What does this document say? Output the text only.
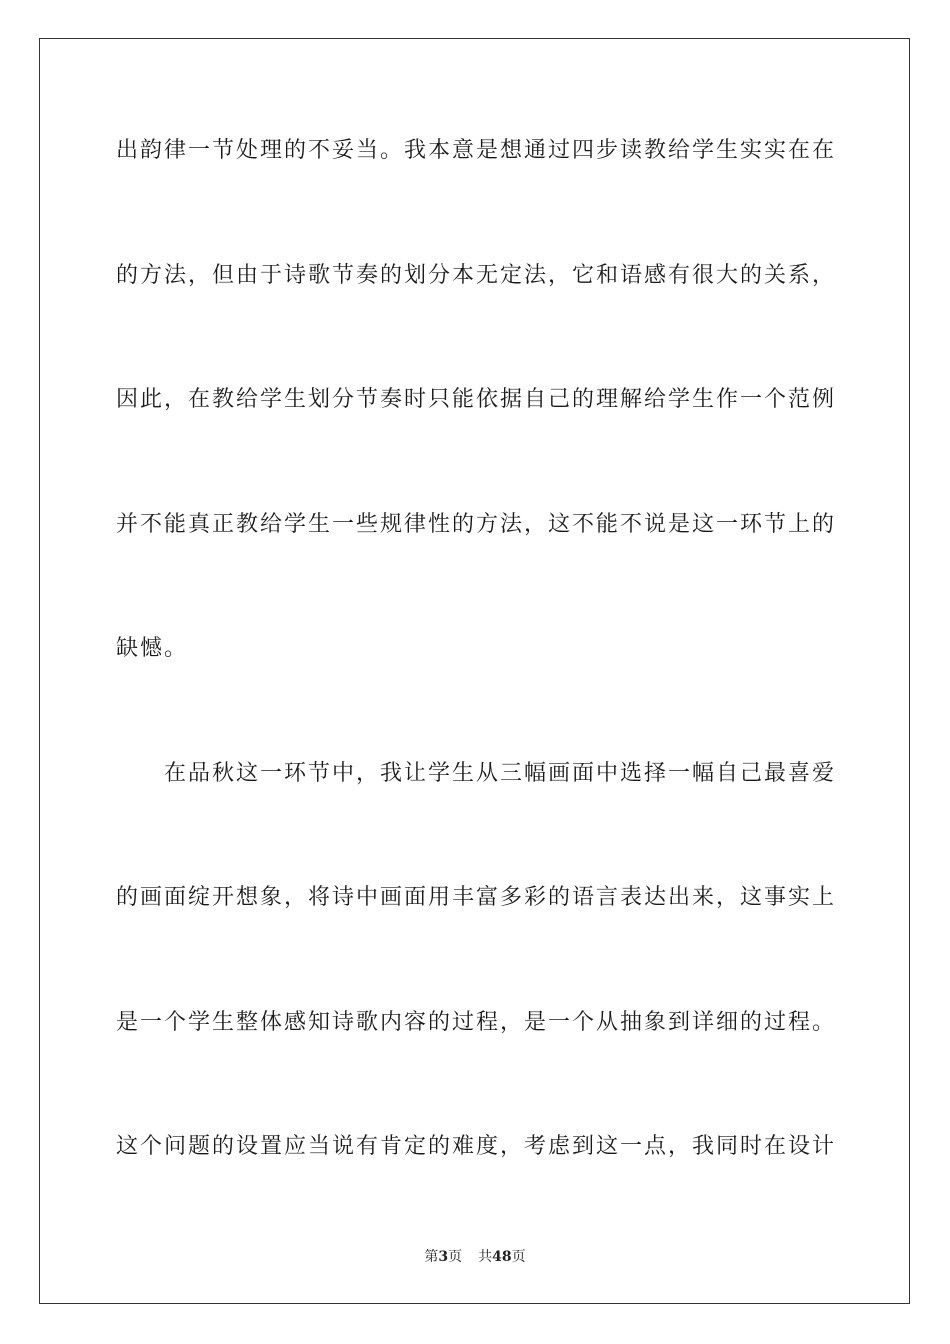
出韵律一节处理的不妥当。我本意是想通过四步读教给学生实实在在
的方法，但由于诗歌节奏的划分本无定法，它和语感有很大的关系，
因此，在教给学生划分节奏时只能依据自己的理解给学生作一个范例
并不能真正教给学生一些规律性的方法，这不能不说是这一环节上的
缺憾。
在品秋这一环节中，我让学生从三幅画面中选择一幅自己最喜爱
的画面绽开想象，将诗中画面用丰富多彩的语言表达出来，这事实上
是一个学生整体感知诗歌内容的过程，是一个从抽象到详细的过程。
这个问题的设置应当说有肯定的难度，考虑到这一点，我同时在设计
第3页 共48页
